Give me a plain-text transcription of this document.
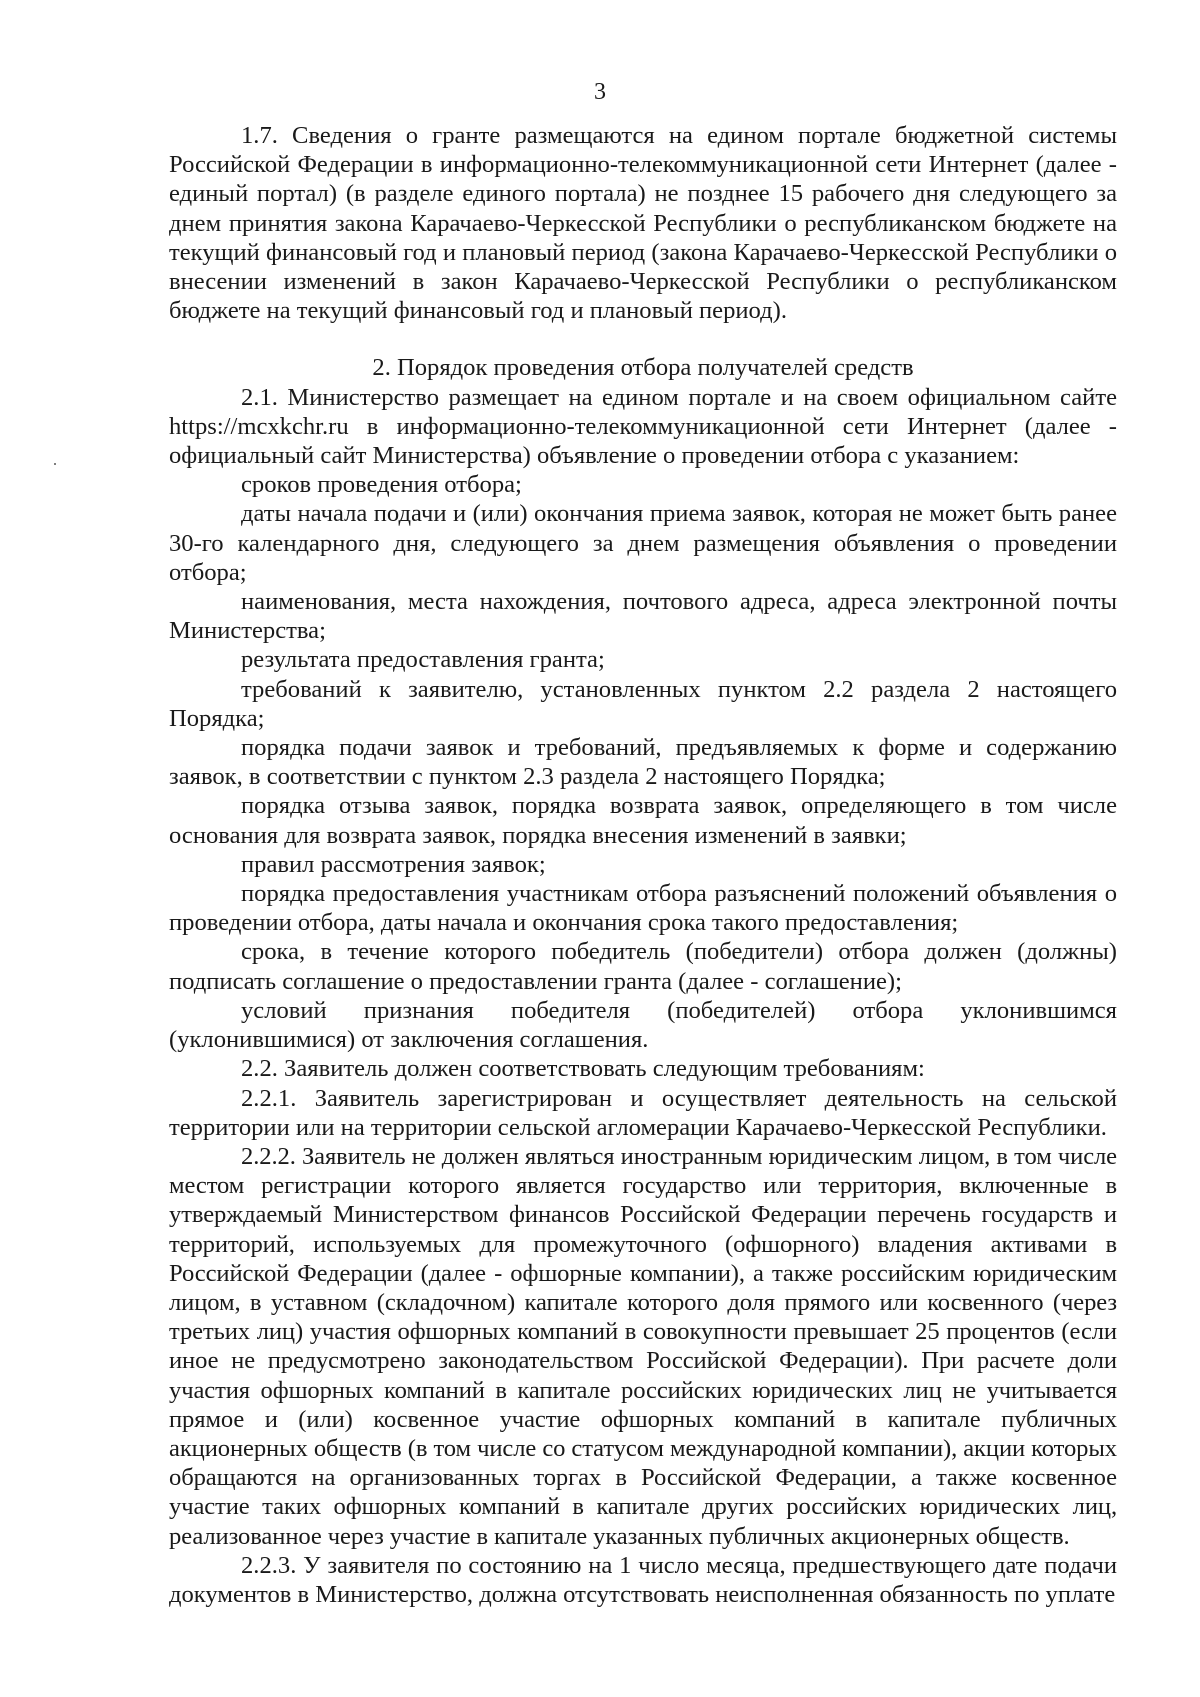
3

1.7. Сведения о гранте размещаются на едином портале бюджетной системы Российской Федерации в информационно-телекоммуникационной сети Интернет (далее - единый портал) (в разделе единого портала) не позднее 15 рабочего дня следующего за днем принятия закона Карачаево-Черкесской Республики о республиканском бюджете на текущий финансовый год и плановый период (закона Карачаево-Черкесской Республики о внесении изменений в закон Карачаево-Черкесской Республики о республиканском бюджете на текущий финансовый год и плановый период).

2. Порядок проведения отбора получателей средств

2.1. Министерство размещает на едином портале и на своем официальном сайте https://mcxkchr.ru в информационно-телекоммуникационной сети Интернет (далее - официальный сайт Министерства) объявление о проведении отбора с указанием:

сроков проведения отбора;

даты начала подачи и (или) окончания приема заявок, которая не может быть ранее 30-го календарного дня, следующего за днем размещения объявления о проведении отбора;

наименования, места нахождения, почтового адреса, адреса электронной почты Министерства;

результата предоставления гранта;

требований к заявителю, установленных пунктом 2.2 раздела 2 настоящего Порядка;

порядка подачи заявок и требований, предъявляемых к форме и содержанию заявок, в соответствии с пунктом 2.3 раздела 2 настоящего Порядка;

порядка отзыва заявок, порядка возврата заявок, определяющего в том числе основания для возврата заявок, порядка внесения изменений в заявки;

правил рассмотрения заявок;

порядка предоставления участникам отбора разъяснений положений объявления о проведении отбора, даты начала и окончания срока такого предоставления;

срока, в течение которого победитель (победители) отбора должен (должны) подписать соглашение о предоставлении гранта (далее - соглашение);

условий признания победителя (победителей) отбора уклонившимся (уклонившимися) от заключения соглашения.

2.2. Заявитель должен соответствовать следующим требованиям:

2.2.1. Заявитель зарегистрирован и осуществляет деятельность на сельской территории или на территории сельской агломерации Карачаево-Черкесской Республики.

2.2.2. Заявитель не должен являться иностранным юридическим лицом, в том числе местом регистрации которого является государство или территория, включенные в утверждаемый Министерством финансов Российской Федерации перечень государств и территорий, используемых для промежуточного (офшорного) владения активами в Российской Федерации (далее - офшорные компании), а также российским юридическим лицом, в уставном (складочном) капитале которого доля прямого или косвенного (через третьих лиц) участия офшорных компаний в совокупности превышает 25 процентов (если иное не предусмотрено законодательством Российской Федерации). При расчете доли участия офшорных компаний в капитале российских юридических лиц не учитывается прямое и (или) косвенное участие офшорных компаний в капитале публичных акционерных обществ (в том числе со статусом международной компании), акции которых обращаются на организованных торгах в Российской Федерации, а также косвенное участие таких офшорных компаний в капитале других российских юридических лиц, реализованное через участие в капитале указанных публичных акционерных обществ.

2.2.3. У заявителя по состоянию на 1 число месяца, предшествующего дате подачи документов в Министерство, должна отсутствовать неисполненная обязанность по уплате
